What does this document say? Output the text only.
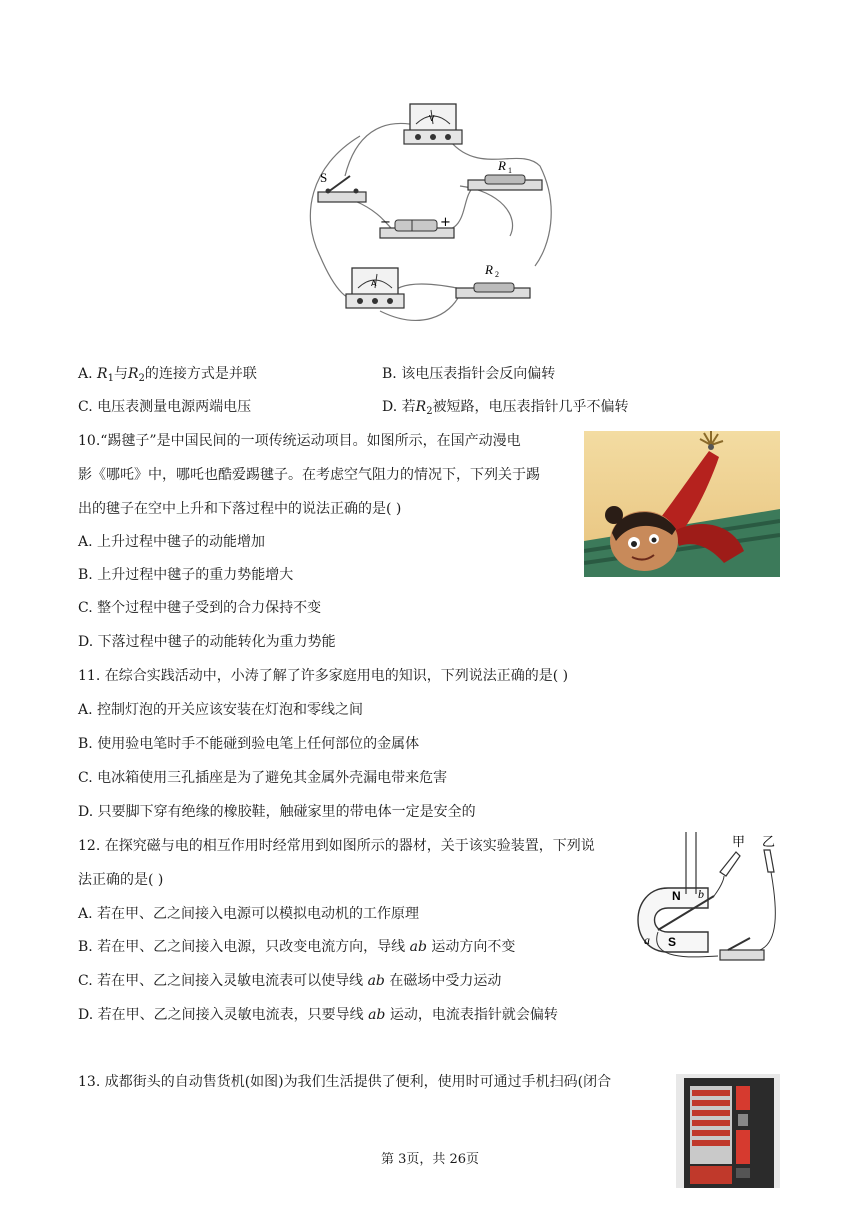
S
R 1
R 2
−	+
V
A
A. $R_1$与$R_2$的连接方式是并联	B. 该电压表指针会反向偏转
C. 电压表测量电源两端电压	D. 若$R_2$被短路，电压表指针几乎不偏转
10.“踢毽子”是中国民间的一项传统运动项目。如图所示，在国产动漫电
影《哪吒》中，哪吒也酷爱踢毽子。在考虑空气阻力的情况下，下列关于踢
出的毽子在空中上升和下落过程中的说法正确的是( )
A. 上升过程中毽子的动能增加
B. 上升过程中毽子的重力势能增大
C. 整个过程中毽子受到的合力保持不变
D. 下落过程中毽子的动能转化为重力势能
11. 在综合实践活动中，小涛了解了许多家庭用电的知识，下列说法正确的是( )
A. 控制灯泡的开关应该安装在灯泡和零线之间
B. 使用验电笔时手不能碰到验电笔上任何部位的金属体
C. 电冰箱使用三孔插座是为了避免其金属外壳漏电带来危害
D. 只要脚下穿有绝缘的橡胶鞋，触碰家里的带电体一定是安全的
12. 在探究磁与电的相互作用时经常用到如图所示的器材，关于该实验装置，下列说
法正确的是( )
A. 若在甲、乙之间接入电源可以模拟电动机的工作原理
B. 若在甲、乙之间接入电源，只改变电流方向，导线 ab 运动方向不变
C. 若在甲、乙之间接入灵敏电流表可以使导线 ab 在磁场中受力运动
D. 若在甲、乙之间接入灵敏电流表，只要导线 ab 运动，电流表指针就会偏转
甲 乙
N
S
a
b
13. 成都街头的自动售货机(如图)为我们生活提供了便利，使用时可通过手机扫码(闭合
第 3页，共 26页
